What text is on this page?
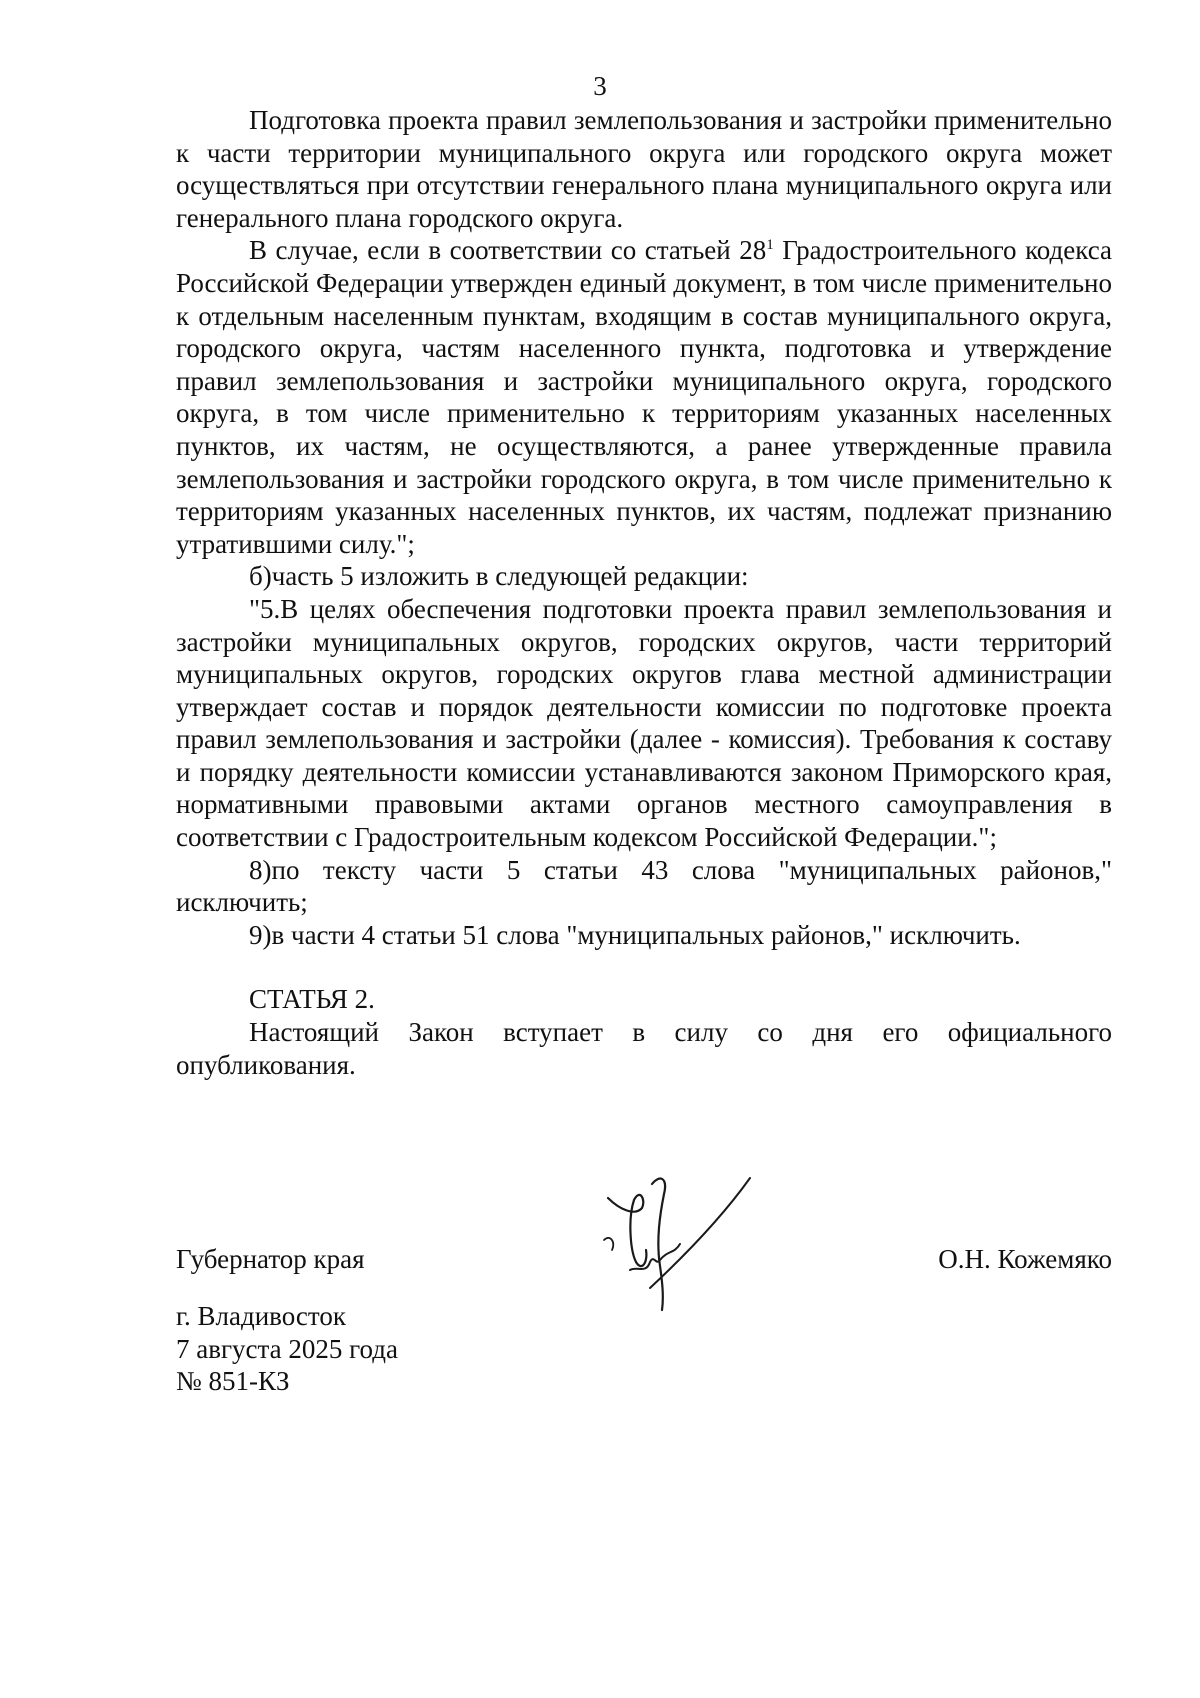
3

Подготовка проекта правил землепользования и застройки применительно к части территории муниципального округа или городского округа может осуществляться при отсутствии генерального плана муниципального округа или генерального плана городского округа.

В случае, если в соответствии со статьей $28^1$ Градостроительного кодекса Российской Федерации утвержден единый документ, в том числе применительно к отдельным населенным пунктам, входящим в состав муниципального округа, городского округа, частям населенного пункта, подготовка и утверждение правил землепользования и застройки муниципального округа, городского округа, в том числе применительно к территориям указанных населенных пунктов, их частям, не осуществляются, а ранее утвержденные правила землепользования и застройки городского округа, в том числе применительно к территориям указанных населенных пунктов, их частям, подлежат признанию утратившими силу.";

б)часть 5 изложить в следующей редакции:

"5.В целях обеспечения подготовки проекта правил землепользования и застройки муниципальных округов, городских округов, части территорий муниципальных округов, городских округов глава местной администрации утверждает состав и порядок деятельности комиссии по подготовке проекта правил землепользования и застройки (далее - комиссия). Требования к составу и порядку деятельности комиссии устанавливаются законом Приморского края, нормативными правовыми актами органов местного самоуправления в соответствии с Градостроительным кодексом Российской Федерации.";

8)по тексту части 5 статьи 43 слова "муниципальных районов," исключить;

9)в части 4 статьи 51 слова "муниципальных районов," исключить.

СТАТЬЯ 2.

Настоящий Закон вступает в силу со дня его официального опубликования.

Губернатор края	О.Н. Кожемяко
г. Владивосток
7 августа 2025 года
№ 851-КЗ
